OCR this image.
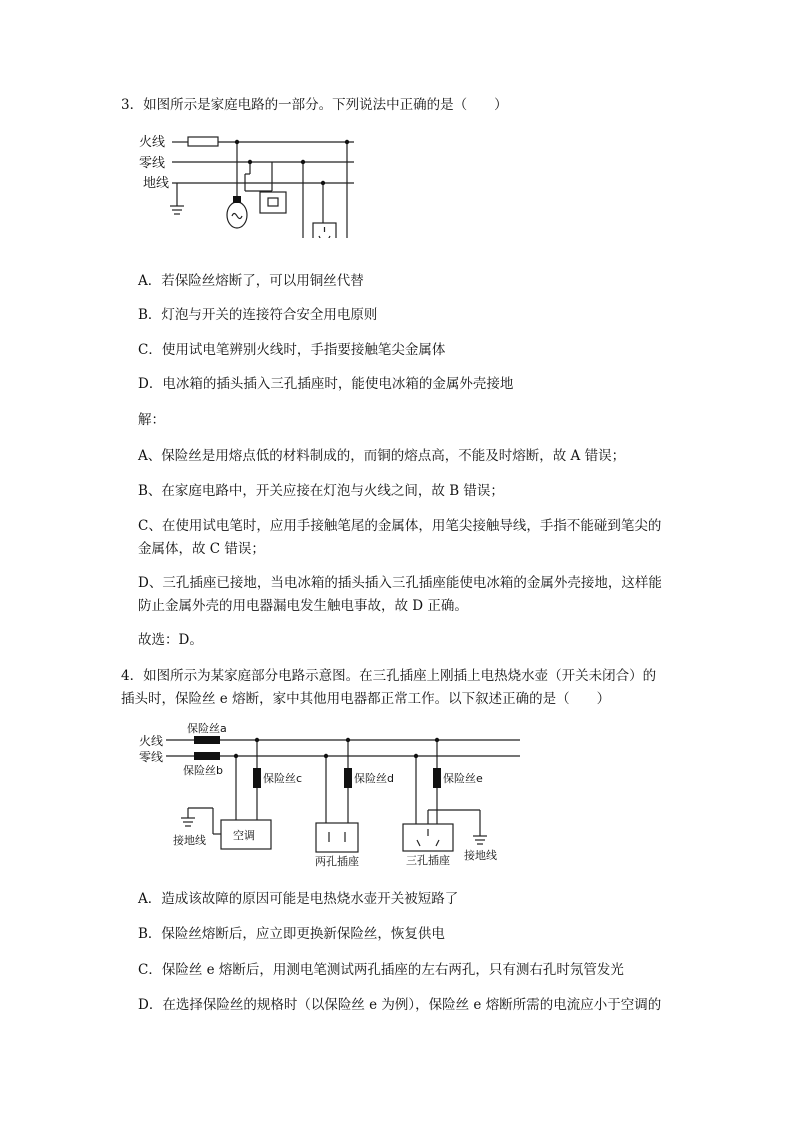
3．如图所示是家庭电路的一部分。下列说法中正确的是（　　）
火线
零线
地线
A．若保险丝熔断了，可以用铜丝代替
B．灯泡与开关的连接符合安全用电原则
C．使用试电笔辨别火线时，手指要接触笔尖金属体
D．电冰箱的插头插入三孔插座时，能使电冰箱的金属外壳接地
解：
A、保险丝是用熔点低的材料制成的，而铜的熔点高，不能及时熔断，故 A 错误；
B、在家庭电路中，开关应接在灯泡与火线之间，故 B 错误；
C、在使用试电笔时，应用手接触笔尾的金属体，用笔尖接触导线，手指不能碰到笔尖的
金属体，故 C 错误；
D、三孔插座已接地，当电冰箱的插头插入三孔插座能使电冰箱的金属外壳接地，这样能
防止金属外壳的用电器漏电发生触电事故，故 D 正确。
故选：D。
4．如图所示为某家庭部分电路示意图。在三孔插座上刚插上电热烧水壶（开关未闭合）的
插头时，保险丝 e 熔断，家中其他用电器都正常工作。以下叙述正确的是（　　）
火线
零线
保险丝a
保险丝b
保险丝c
空调
接地线
保险丝d
两孔插座
保险丝e
三孔插座 接地线
A．造成该故障的原因可能是电热烧水壶开关被短路了
B．保险丝熔断后，应立即更换新保险丝，恢复供电
C．保险丝 e 熔断后，用测电笔测试两孔插座的左右两孔，只有测右孔时氖管发光
D．在选择保险丝的规格时（以保险丝 e 为例），保险丝 e 熔断所需的电流应小于空调的
